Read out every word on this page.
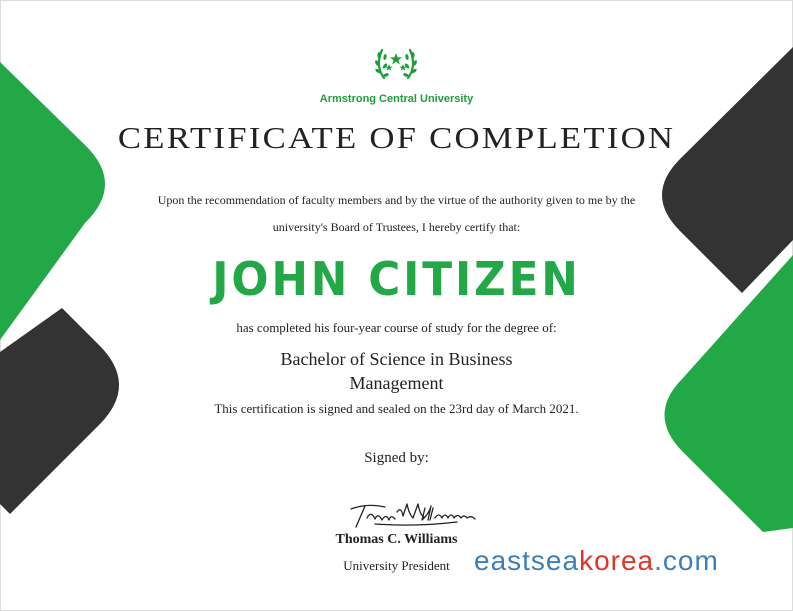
Armstrong Central University
CERTIFICATE OF COMPLETION
Upon the recommendation of faculty members and by the virtue of the authority given to me by the
university's Board of Trustees, I hereby certify that:
JOHN CITIZEN
has completed his four-year course of study for the degree of:
Bachelor of Science in Business Management
This certification is signed and sealed on the 23rd day of March 2021.
Signed by:
Thomas C. Williams
University President eastseakorea.com
